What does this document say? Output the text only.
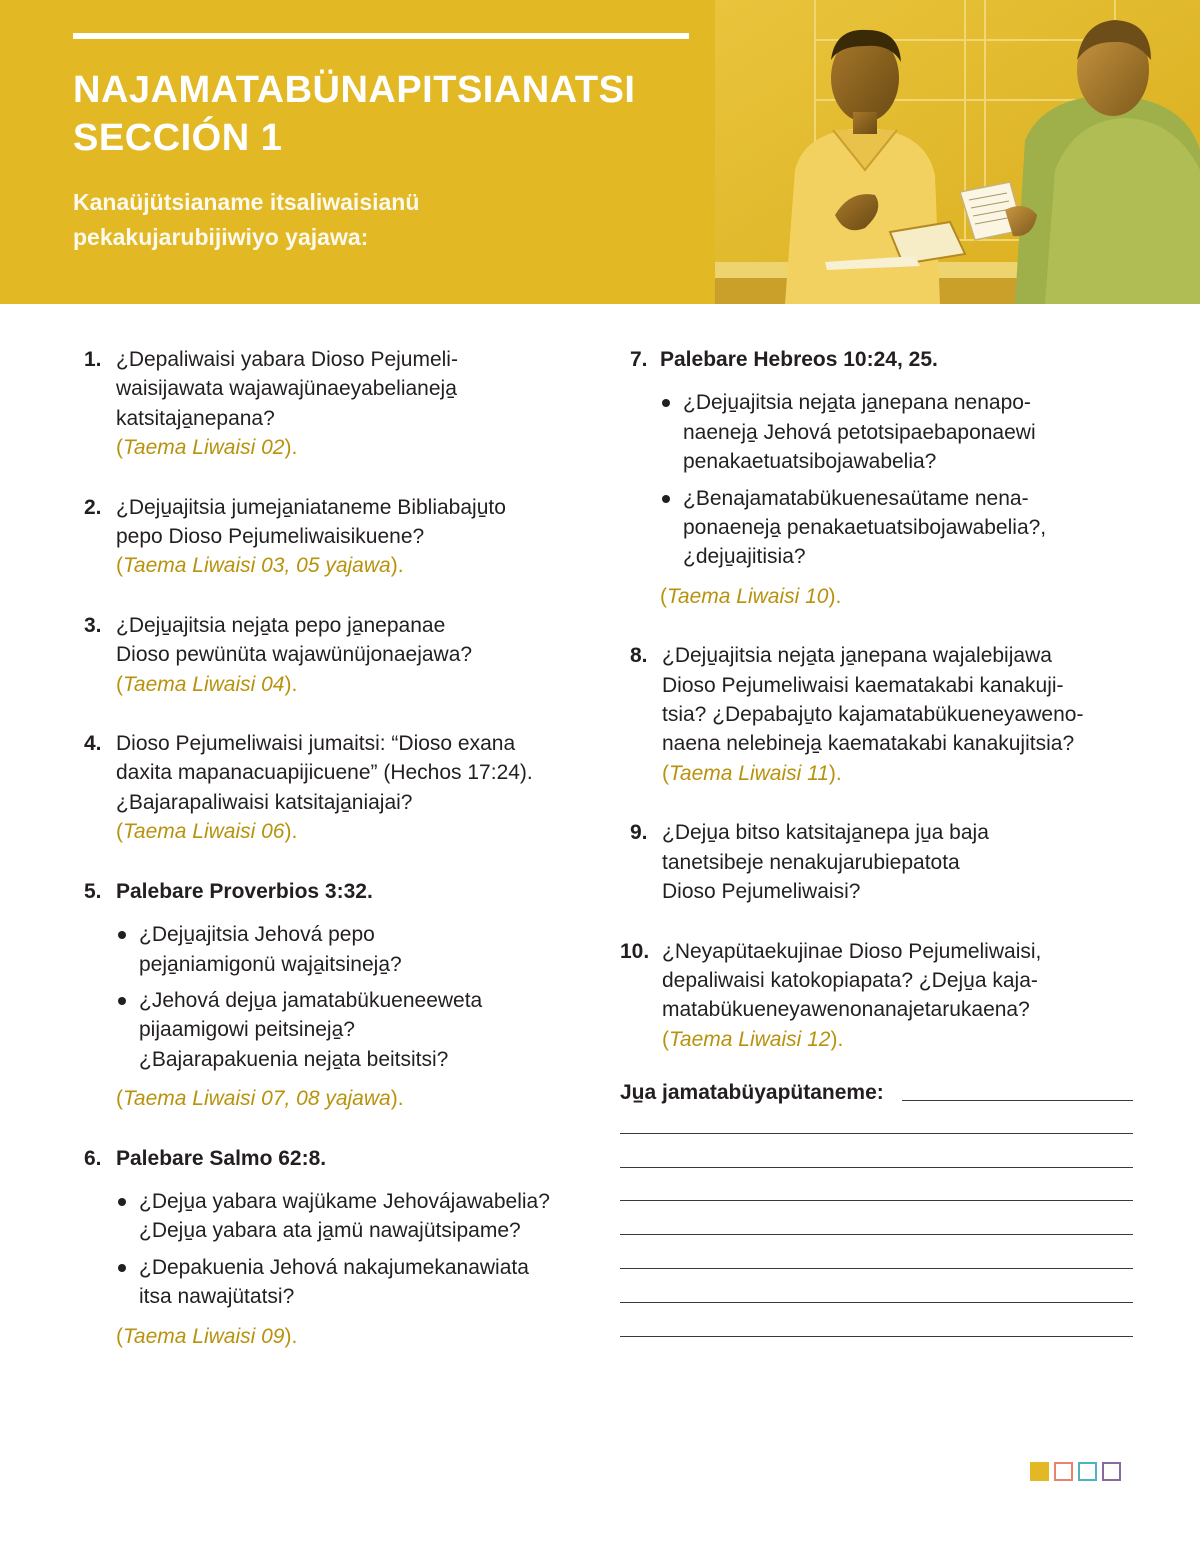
NAJAMATABÜNAPITSIANATSI
SECCIÓN 1
Kanaüjütsianame itsaliwaisianü
pekakujarubijiwiyo yajawa:
1. ¿Depaliwaisi yabara Dioso Pejumeli-
waisijawata wajawajünaeyabelianeja̠
katsitaja̠nepana?
(Taema Liwaisi 02).
2. ¿Deju̠ajitsia jumeja̠niataneme Bibliabaju̠to
pepo Dioso Pejumeliwaisikuene?
(Taema Liwaisi 03, 05 yajawa).
3. ¿Deju̠ajitsia neja̠ta pepo ja̠nepanae
Dioso pewünüta wajawünüjonaejawa?
(Taema Liwaisi 04).
4. Dioso Pejumeliwaisi jumaitsi: “Dioso exana
daxita mapanacuapijicuene” (Hechos 17:24).
¿Bajarapaliwaisi katsitaja̠niajai?
(Taema Liwaisi 06).
5. Palebare Proverbios 3:32.
¿Deju̠ajitsia Jehová pepo
peja̠niamigonü waja̠itsineja̠?
¿Jehová deju̠a jamatabükueneeweta
pijaamigowi peitsineja̠?
¿Bajarapakuenia neja̠ta beitsitsi?
(Taema Liwaisi 07, 08 yajawa).
6. Palebare Salmo 62:8.
¿Deju̠a yabara wajükame Jehovájawabelia?
¿Deju̠a yabara ata ja̠mü nawajütsipame?
¿Depakuenia Jehová nakajumekanawiata
itsa nawajütatsi?
(Taema Liwaisi 09).
7. Palebare Hebreos 10:24, 25.
¿Deju̠ajitsia neja̠ta ja̠nepana nenapo-
naeneja̠ Jehová petotsipaebaponaewi
penakaetuatsibojawabelia?
¿Benajamatabükuenesaütame nena-
ponaeneja̠ penakaetuatsibojawabelia?,
¿deju̠ajitisia?
(Taema Liwaisi 10).
8. ¿Deju̠ajitsia neja̠ta ja̠nepana wajalebijawa
Dioso Pejumeliwaisi kaematakabi kanakuji-
tsia? ¿Depabaju̠to kajamatabükueneyaweno-
naena nelebineja̠ kaematakabi kanakujitsia?
(Taema Liwaisi 11).
9. ¿Deju̠a bitso katsitaja̠nepa ju̠a baja
tanetsibeje nenakujarubiepatota
Dioso Pejumeliwaisi?
10. ¿Neyapütaekujinae Dioso Pejumeliwaisi,
depaliwaisi katokopiapata? ¿Deju̠a kaja-
matabükueneyawenonanajetarukaena?
(Taema Liwaisi 12).
Ju̠a jamatabüyapütaneme:
